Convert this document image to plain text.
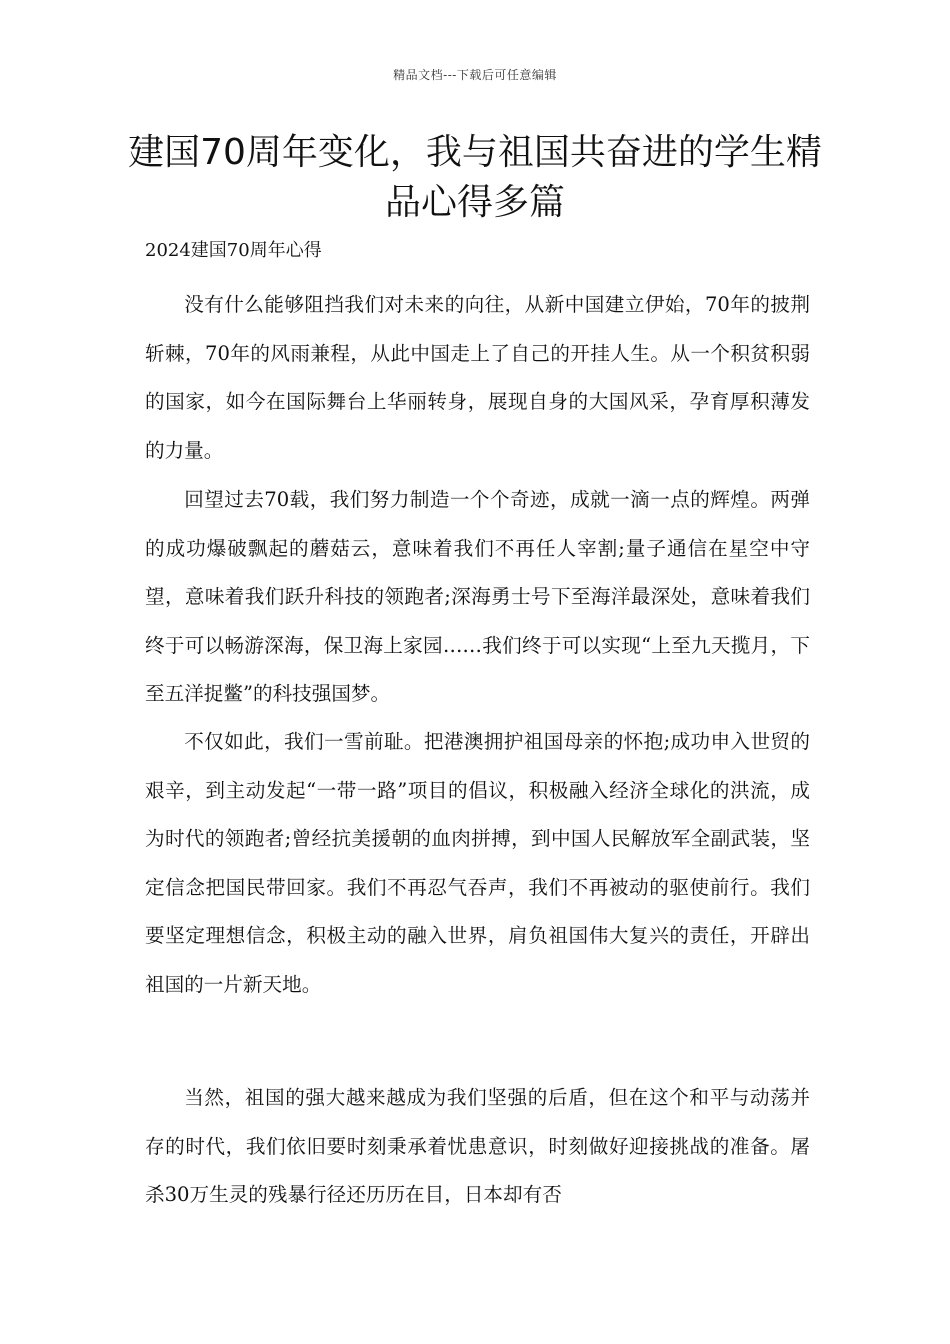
精品文档---下载后可任意编辑
建国70周年变化，我与祖国共奋进的学生精品心得多篇

2024建国70周年心得

没有什么能够阻挡我们对未来的向往，从新中国建立伊始，70年的披荆斩棘，70年的风雨兼程，从此中国走上了自己的开挂人生。从一个积贫积弱的国家，如今在国际舞台上华丽转身，展现自身的大国风采，孕育厚积薄发的力量。

回望过去70载，我们努力制造一个个奇迹，成就一滴一点的辉煌。两弹的成功爆破飘起的蘑菇云，意味着我们不再任人宰割;量子通信在星空中守望，意味着我们跃升科技的领跑者;深海勇士号下至海洋最深处，意味着我们终于可以畅游深海，保卫海上家园……我们终于可以实现“上至九天揽月，下至五洋捉鳖”的科技强国梦。

不仅如此，我们一雪前耻。把港澳拥护祖国母亲的怀抱;成功申入世贸的艰辛，到主动发起“一带一路”项目的倡议，积极融入经济全球化的洪流，成为时代的领跑者;曾经抗美援朝的血肉拼搏，到中国人民解放军全副武装，坚定信念把国民带回家。我们不再忍气吞声，我们不再被动的驱使前行。我们要坚定理想信念，积极主动的融入世界，肩负祖国伟大复兴的责任，开辟出祖国的一片新天地。

当然，祖国的强大越来越成为我们坚强的后盾，但在这个和平与动荡并存的时代，我们依旧要时刻秉承着忧患意识，时刻做好迎接挑战的准备。屠杀30万生灵的残暴行径还历历在目，日本却有否
